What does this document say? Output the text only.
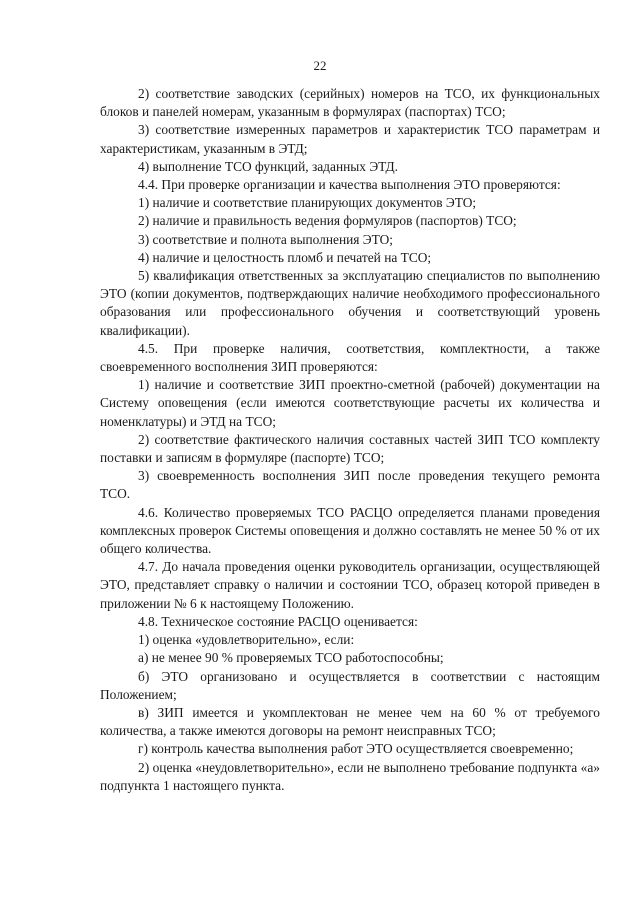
22

2) соответствие заводских (серийных) номеров на ТСО, их функциональных блоков и панелей номерам, указанным в формулярах (паспортах) ТСО;

3) соответствие измеренных параметров и характеристик ТСО параметрам и характеристикам, указанным в ЭТД;

4) выполнение ТСО функций, заданных ЭТД.

4.4. При проверке организации и качества выполнения ЭТО проверяются:

1) наличие и соответствие планирующих документов ЭТО;

2) наличие и правильность ведения формуляров (паспортов) ТСО;

3) соответствие и полнота выполнения ЭТО;

4) наличие и целостность пломб и печатей на ТСО;

5) квалификация ответственных за эксплуатацию специалистов по выполнению ЭТО (копии документов, подтверждающих наличие необходимого профессионального образования или профессионального обучения и соответствующий уровень квалификации).

4.5. При проверке наличия, соответствия, комплектности, а также своевременного восполнения ЗИП проверяются:

1) наличие и соответствие ЗИП проектно-сметной (рабочей) документации на Систему оповещения (если имеются соответствующие расчеты их количества и номенклатуры) и ЭТД на ТСО;

2) соответствие фактического наличия составных частей ЗИП ТСО комплекту поставки и записям в формуляре (паспорте) ТСО;

3) своевременность восполнения ЗИП после проведения текущего ремонта ТСО.

4.6. Количество проверяемых ТСО РАСЦО определяется планами проведения комплексных проверок Системы оповещения и должно составлять не менее 50 % от их общего количества.

4.7. До начала проведения оценки руководитель организации, осуществляющей ЭТО, представляет справку о наличии и состоянии ТСО, образец которой приведен в приложении № 6 к настоящему Положению.

4.8. Техническое состояние РАСЦО оценивается:

1) оценка «удовлетворительно», если:

а) не менее 90 % проверяемых ТСО работоспособны;

б) ЭТО организовано и осуществляется в соответствии с настоящим Положением;

в) ЗИП имеется и укомплектован не менее чем на 60 % от требуемого количества, а также имеются договоры на ремонт неисправных ТСО;

г) контроль качества выполнения работ ЭТО осуществляется своевременно;

2) оценка «неудовлетворительно», если не выполнено требование подпункта «а» подпункта 1 настоящего пункта.
